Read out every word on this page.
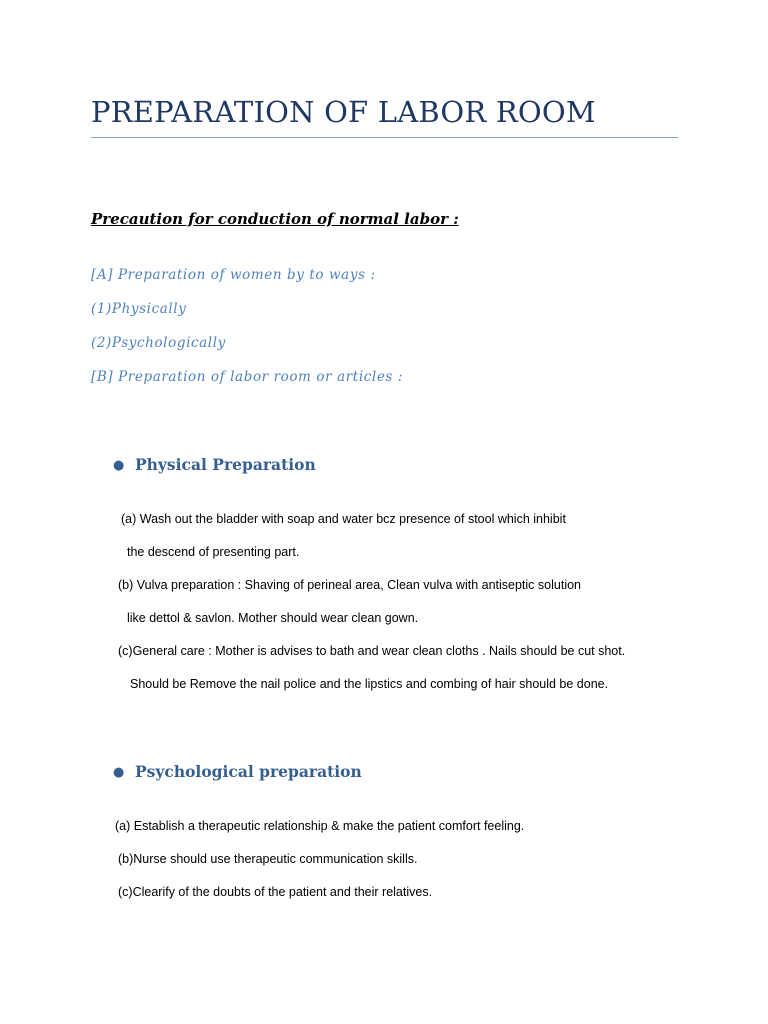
PREPARATION OF LABOR ROOM
Precaution for conduction of normal labor :
[A] Preparation of women by to ways :
(1)Physically
(2)Psychologically
[B] Preparation of labor room or articles :
● Physical Preparation
(a) Wash out the bladder with soap and water bcz presence of stool which inhibit
the descend of presenting part.
(b) Vulva preparation : Shaving of perineal area, Clean vulva with antiseptic solution
like dettol & savlon. Mother should wear clean gown.
(c)General care : Mother is advises to bath and wear clean cloths . Nails should be cut shot.
Should be Remove the nail police and the lipstics and combing of hair should be done.
● Psychological preparation
(a) Establish a therapeutic relationship & make the patient comfort feeling.
(b)Nurse should use therapeutic communication skills.
(c)Clearify of the doubts of the patient and their relatives.
